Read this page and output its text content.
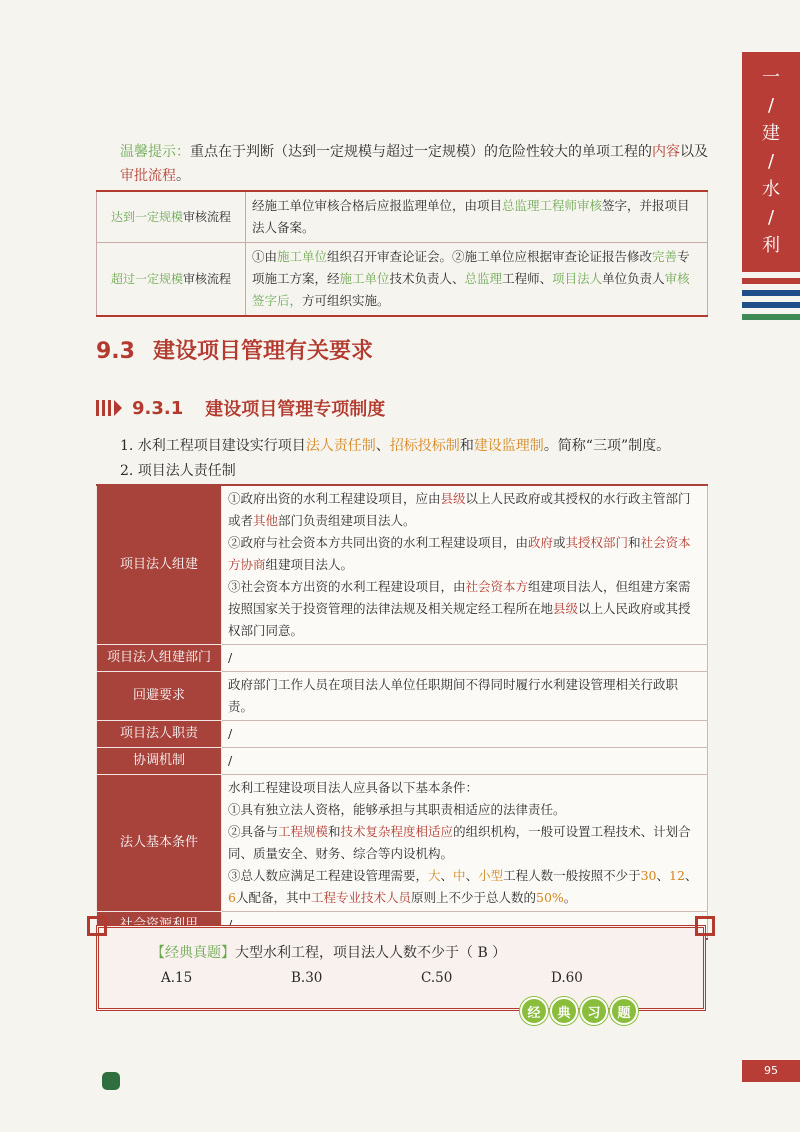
一
/
建
/
水
/
利
温馨提示：重点在于判断（达到一定规模与超过一定规模）的危险性较大的单项工程的内容以及审批流程。
达到一定规模审核流程	经施工单位审核合格后应报监理单位，由项目总监理工程师审核签字，并报项目法人备案。
超过一定规模审核流程	①由施工单位组织召开审查论证会。②施工单位应根据审查论证报告修改完善专项施工方案，经施工单位技术负责人、总监理工程师、项目法人单位负责人审核签字后，方可组织实施。
9.3 建设项目管理有关要求
9.3.1 建设项目管理专项制度
1. 水利工程项目建设实行项目法人责任制、招标投标制和建设监理制。简称“三项”制度。
2. 项目法人责任制
项目法人组建	①政府出资的水利工程建设项目，应由县级以上人民政府或其授权的水行政主管部门或者其他部门负责组建项目法人。
②政府与社会资本方共同出资的水利工程建设项目，由政府或其授权部门和社会资本方协商组建项目法人。
③社会资本方出资的水利工程建设项目，由社会资本方组建项目法人，但组建方案需按照国家关于投资管理的法律法规及相关规定经工程所在地县级以上人民政府或其授权部门同意。

项目法人组建部门	/
回避要求	政府部门工作人员在项目法人单位任职期间不得同时履行水利建设管理相关行政职责。
项目法人职责	/
协调机制	/
法人基本条件	水利工程建设项目法人应具备以下基本条件：
①具有独立法人资格，能够承担与其职责相适应的法律责任。
②具备与工程规模和技术复杂程度相适应的组织机构，一般可设置工程技术、计划合同、质量安全、财务、综合等内设机构。
③总人数应满足工程建设管理需要，大、中、小型工程人数一般按照不少于30、12、6人配备，其中工程专业技术人员原则上不少于总人数的50%。

【经典真题】大型水利工程，项目法人人数不少于（ B ）
A.15	B.30	C.50	D.60
经	典	习	题
95
